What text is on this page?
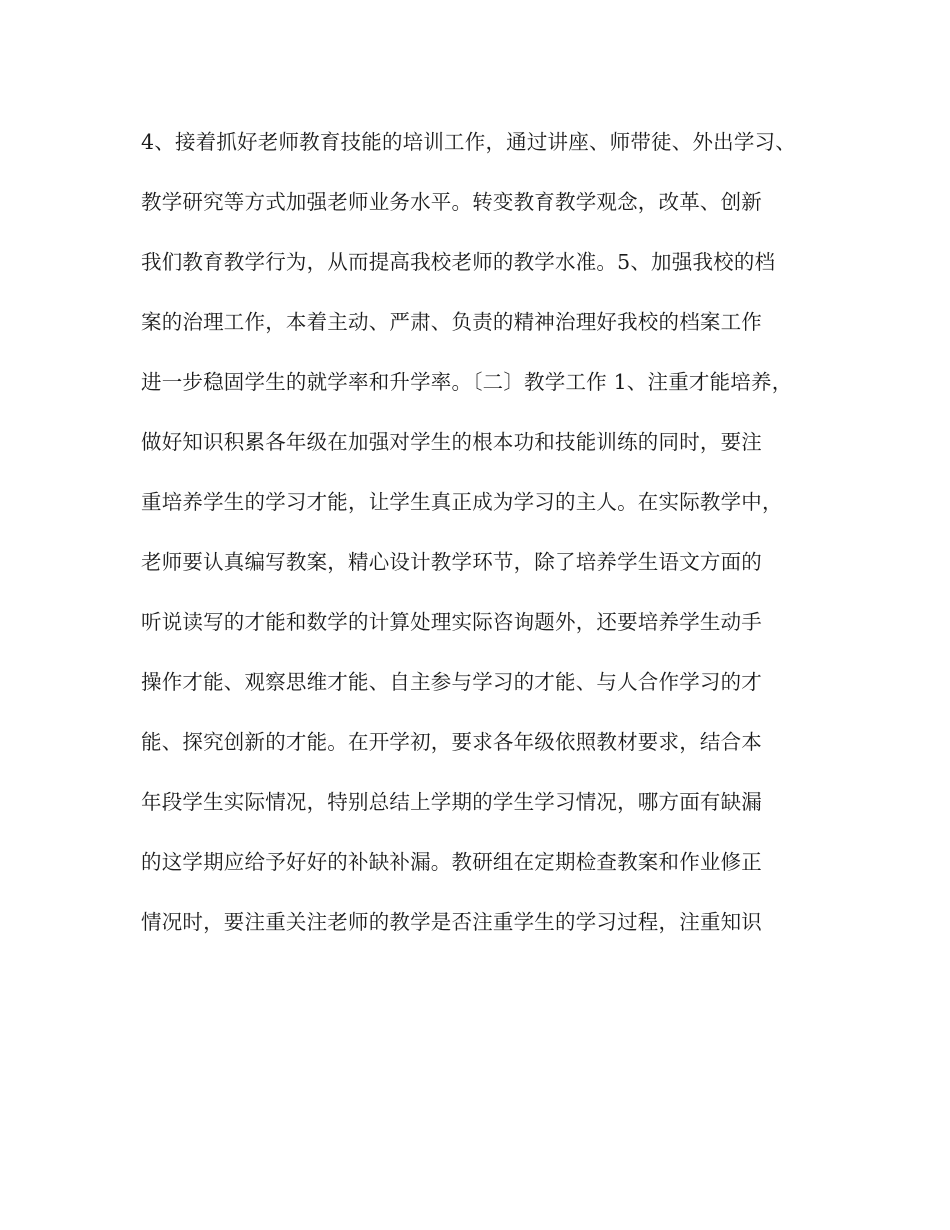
4、接着抓好老师教育技能的培训工作，通过讲座、师带徒、外出学习、
教学研究等方式加强老师业务水平。转变教育教学观念，改革、创新
我们教育教学行为，从而提高我校老师的教学水准。5、加强我校的档
案的治理工作，本着主动、严肃、负责的精神治理好我校的档案工作
进一步稳固学生的就学率和升学率。〔二〕教学工作 1、注重才能培养，
做好知识积累各年级在加强对学生的根本功和技能训练的同时，要注
重培养学生的学习才能，让学生真正成为学习的主人。在实际教学中，
老师要认真编写教案，精心设计教学环节，除了培养学生语文方面的
听说读写的才能和数学的计算处理实际咨询题外，还要培养学生动手
操作才能、观察思维才能、自主参与学习的才能、与人合作学习的才
能、探究创新的才能。在开学初，要求各年级依照教材要求，结合本
年段学生实际情况，特别总结上学期的学生学习情况，哪方面有缺漏
的这学期应给予好好的补缺补漏。教研组在定期检查教案和作业修正
情况时，要注重关注老师的教学是否注重学生的学习过程，注重知识
